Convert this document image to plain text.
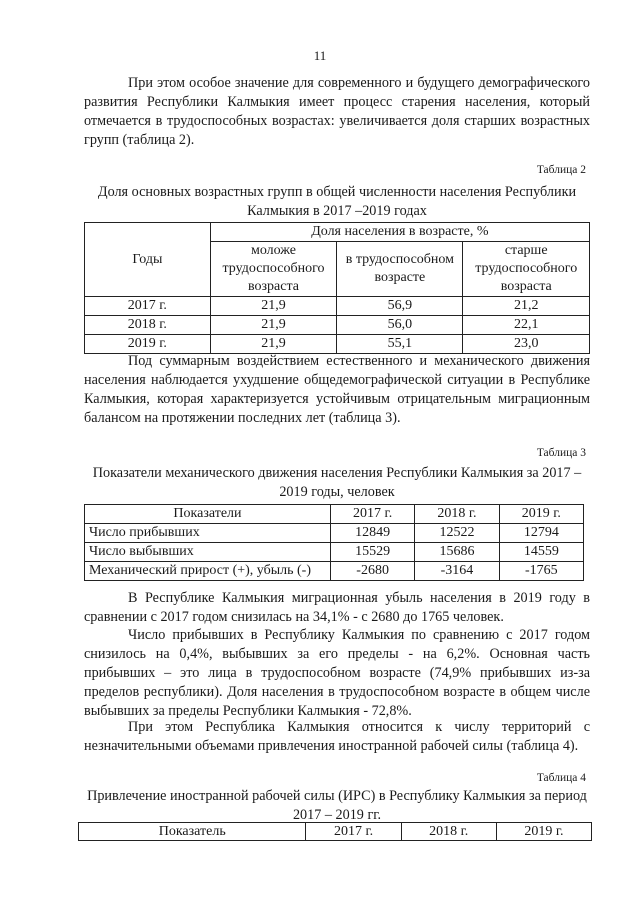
11

При этом особое значение для современного и будущего демографического развития Республики Калмыкия имеет процесс старения населения, который отмечается в трудоспособных возрастах: увеличивается доля старших возрастных групп (таблица 2).

Таблица 2
Доля основных возрастных групп в общей численности населения Республики Калмыкия в 2017 –2019 годах
Годы	Доля населения в возрасте, %		
	моложе трудоспособного возраста	в трудоспособном возрасте	старше трудоспособного возраста
2017 г.	21,9	56,9	21,2
2018 г.	21,9	56,0	22,1
2019 г.	21,9	55,1	23,0

Под суммарным воздействием естественного и механического движения населения наблюдается ухудшение общедемографической ситуации в Республике Калмыкия, которая характеризуется устойчивым отрицательным миграционным балансом на протяжении последних лет (таблица 3).

Таблица 3
Показатели механического движения населения Республики Калмыкия за 2017 – 2019 годы, человек
Показатели	2017 г.	2018 г.	2019 г.
Число прибывших	12849	12522	12794
Число выбывших	15529	15686	14559
Механический прирост (+), убыль (-)	-2680	-3164	-1765

В Республике Калмыкия миграционная убыль населения в 2019 году в сравнении с 2017 годом снизилась на 34,1% - с 2680 до 1765 человек.

Число прибывших в Республику Калмыкия по сравнению с 2017 годом снизилось на 0,4%, выбывших за его пределы - на 6,2%. Основная часть прибывших – это лица в трудоспособном возрасте (74,9% прибывших из-за пределов республики). Доля населения в трудоспособном возрасте в общем числе выбывших за пределы Республики Калмыкия - 72,8%.

При этом Республика Калмыкия относится к числу территорий с незначительными объемами привлечения иностранной рабочей силы (таблица 4).

Таблица 4
Привлечение иностранной рабочей силы (ИРС) в Республику Калмыкия за период 2017 – 2019 гг.
Показатель	2017 г.	2018 г.	2019 г.
